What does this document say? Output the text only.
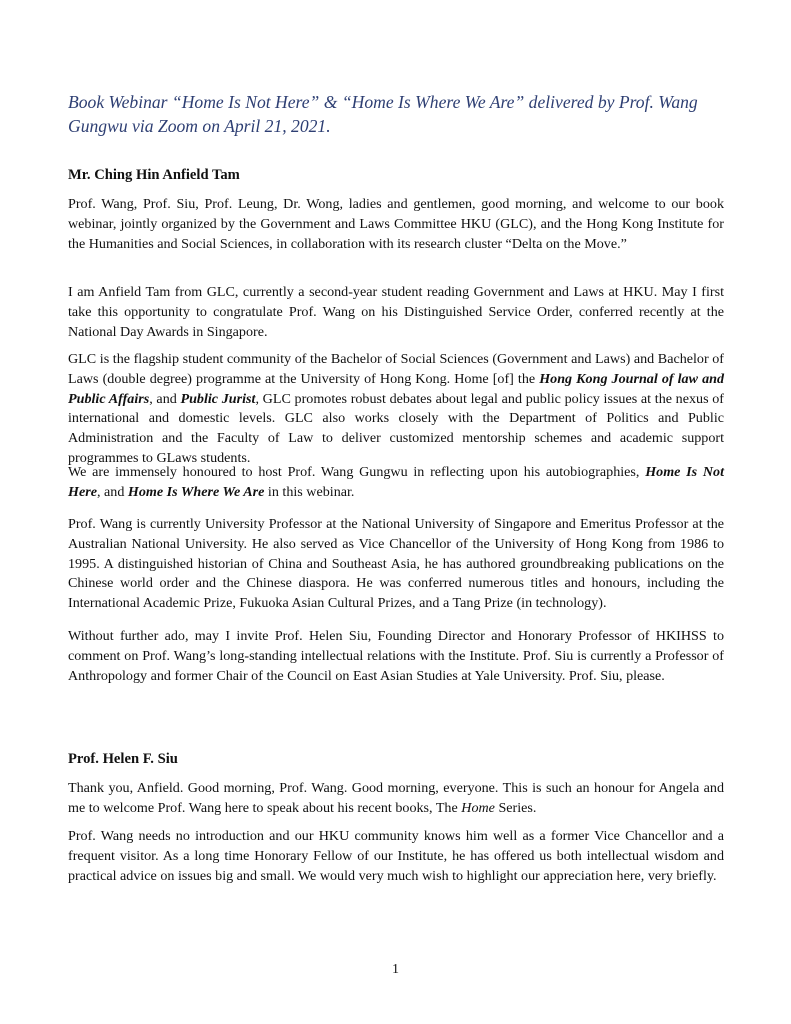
Book Webinar “Home Is Not Here” & “Home Is Where We Are” delivered by Prof. Wang Gungwu via Zoom on April 21, 2021.
Mr. Ching Hin Anfield Tam

Prof. Wang, Prof. Siu, Prof. Leung, Dr. Wong, ladies and gentlemen, good morning, and welcome to our book webinar, jointly organized by the Government and Laws Committee HKU (GLC), and the Hong Kong Institute for the Humanities and Social Sciences, in collaboration with its research cluster “Delta on the Move.”

I am Anfield Tam from GLC, currently a second-year student reading Government and Laws at HKU. May I first take this opportunity to congratulate Prof. Wang on his Distinguished Service Order, conferred recently at the National Day Awards in Singapore.

GLC is the flagship student community of the Bachelor of Social Sciences (Government and Laws) and Bachelor of Laws (double degree) programme at the University of Hong Kong. Home [of] the Hong Kong Journal of law and Public Affairs, and Public Jurist, GLC promotes robust debates about legal and public policy issues at the nexus of international and domestic levels. GLC also works closely with the Department of Politics and Public Administration and the Faculty of Law to deliver customized mentorship schemes and academic support programmes to GLaws students.

We are immensely honoured to host Prof. Wang Gungwu in reflecting upon his autobiographies, Home Is Not Here, and Home Is Where We Are in this webinar.

Prof. Wang is currently University Professor at the National University of Singapore and Emeritus Professor at the Australian National University. He also served as Vice Chancellor of the University of Hong Kong from 1986 to 1995. A distinguished historian of China and Southeast Asia, he has authored groundbreaking publications on the Chinese world order and the Chinese diaspora. He was conferred numerous titles and honours, including the International Academic Prize, Fukuoka Asian Cultural Prizes, and a Tang Prize (in technology).

Without further ado, may I invite Prof. Helen Siu, Founding Director and Honorary Professor of HKIHSS to comment on Prof. Wang’s long-standing intellectual relations with the Institute. Prof. Siu is currently a Professor of Anthropology and former Chair of the Council on East Asian Studies at Yale University. Prof. Siu, please.

Prof. Helen F. Siu

Thank you, Anfield. Good morning, Prof. Wang. Good morning, everyone. This is such an honour for Angela and me to welcome Prof. Wang here to speak about his recent books, The Home Series.

Prof. Wang needs no introduction and our HKU community knows him well as a former Vice Chancellor and a frequent visitor. As a long time Honorary Fellow of our Institute, he has offered us both intellectual wisdom and practical advice on issues big and small. We would very much wish to highlight our appreciation here, very briefly.

1
